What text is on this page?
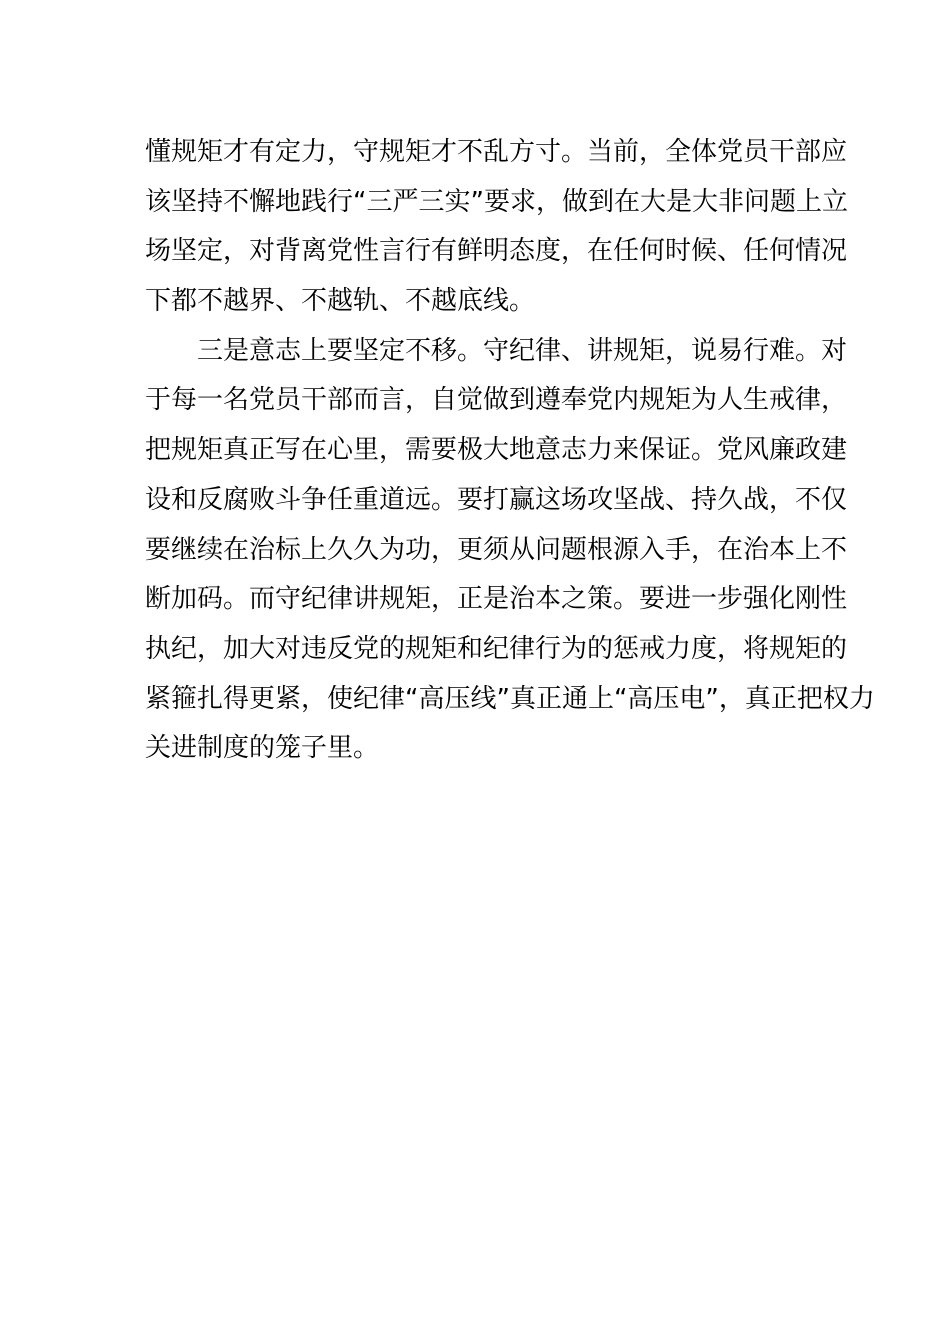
懂规矩才有定力，守规矩才不乱方寸。当前，全体党员干部应
该坚持不懈地践行“三严三实”要求，做到在大是大非问题上立
场坚定，对背离党性言行有鲜明态度，在任何时候、任何情况
下都不越界、不越轨、不越底线。
　　三是意志上要坚定不移。守纪律、讲规矩，说易行难。对
于每一名党员干部而言，自觉做到遵奉党内规矩为人生戒律，
把规矩真正写在心里，需要极大地意志力来保证。党风廉政建
设和反腐败斗争任重道远。要打赢这场攻坚战、持久战，不仅
要继续在治标上久久为功，更须从问题根源入手，在治本上不
断加码。而守纪律讲规矩，正是治本之策。要进一步强化刚性
执纪，加大对违反党的规矩和纪律行为的惩戒力度，将规矩的
紧箍扎得更紧，使纪律“高压线”真正通上“高压电”，真正把权力
关进制度的笼子里。
